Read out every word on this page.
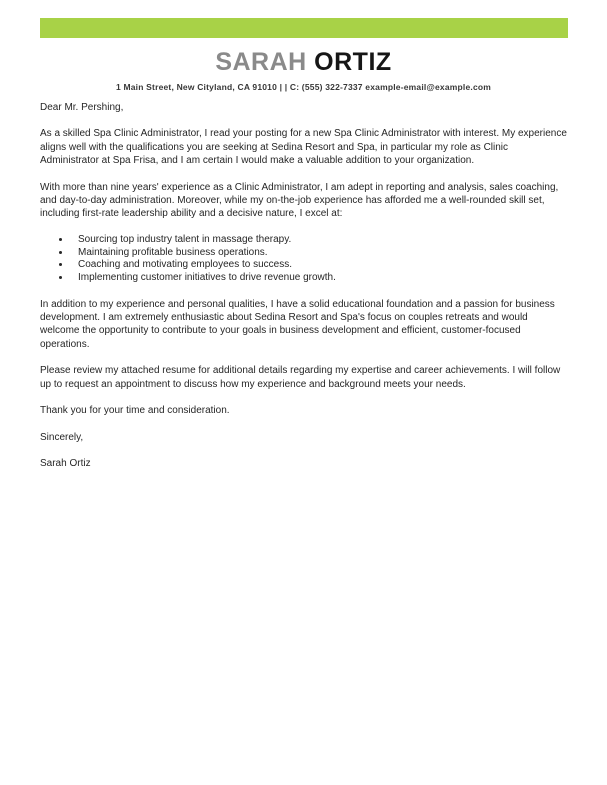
SARAH ORTIZ
1 Main Street, New Cityland, CA 91010 | | C: (555) 322-7337 example-email@example.com

Dear Mr. Pershing,

As a skilled Spa Clinic Administrator, I read your posting for a new Spa Clinic Administrator with interest. My experience aligns well with the qualifications you are seeking at Sedina Resort and Spa, in particular my role as Clinic Administrator at Spa Frisa, and I am certain I would make a valuable addition to your organization.

With more than nine years' experience as a Clinic Administrator, I am adept in reporting and analysis, sales coaching, and day-to-day administration. Moreover, while my on-the-job experience has afforded me a well-rounded skill set, including first-rate leadership ability and a decisive nature, I excel at:

• Sourcing top industry talent in massage therapy.
• Maintaining profitable business operations.
• Coaching and motivating employees to success.
• Implementing customer initiatives to drive revenue growth.

In addition to my experience and personal qualities, I have a solid educational foundation and a passion for business development. I am extremely enthusiastic about Sedina Resort and Spa's focus on couples retreats and would welcome the opportunity to contribute to your goals in business development and efficient, customer-focused operations.

Please review my attached resume for additional details regarding my expertise and career achievements. I will follow up to request an appointment to discuss how my experience and background meets your needs.

Thank you for your time and consideration.

Sincerely,

Sarah Ortiz
